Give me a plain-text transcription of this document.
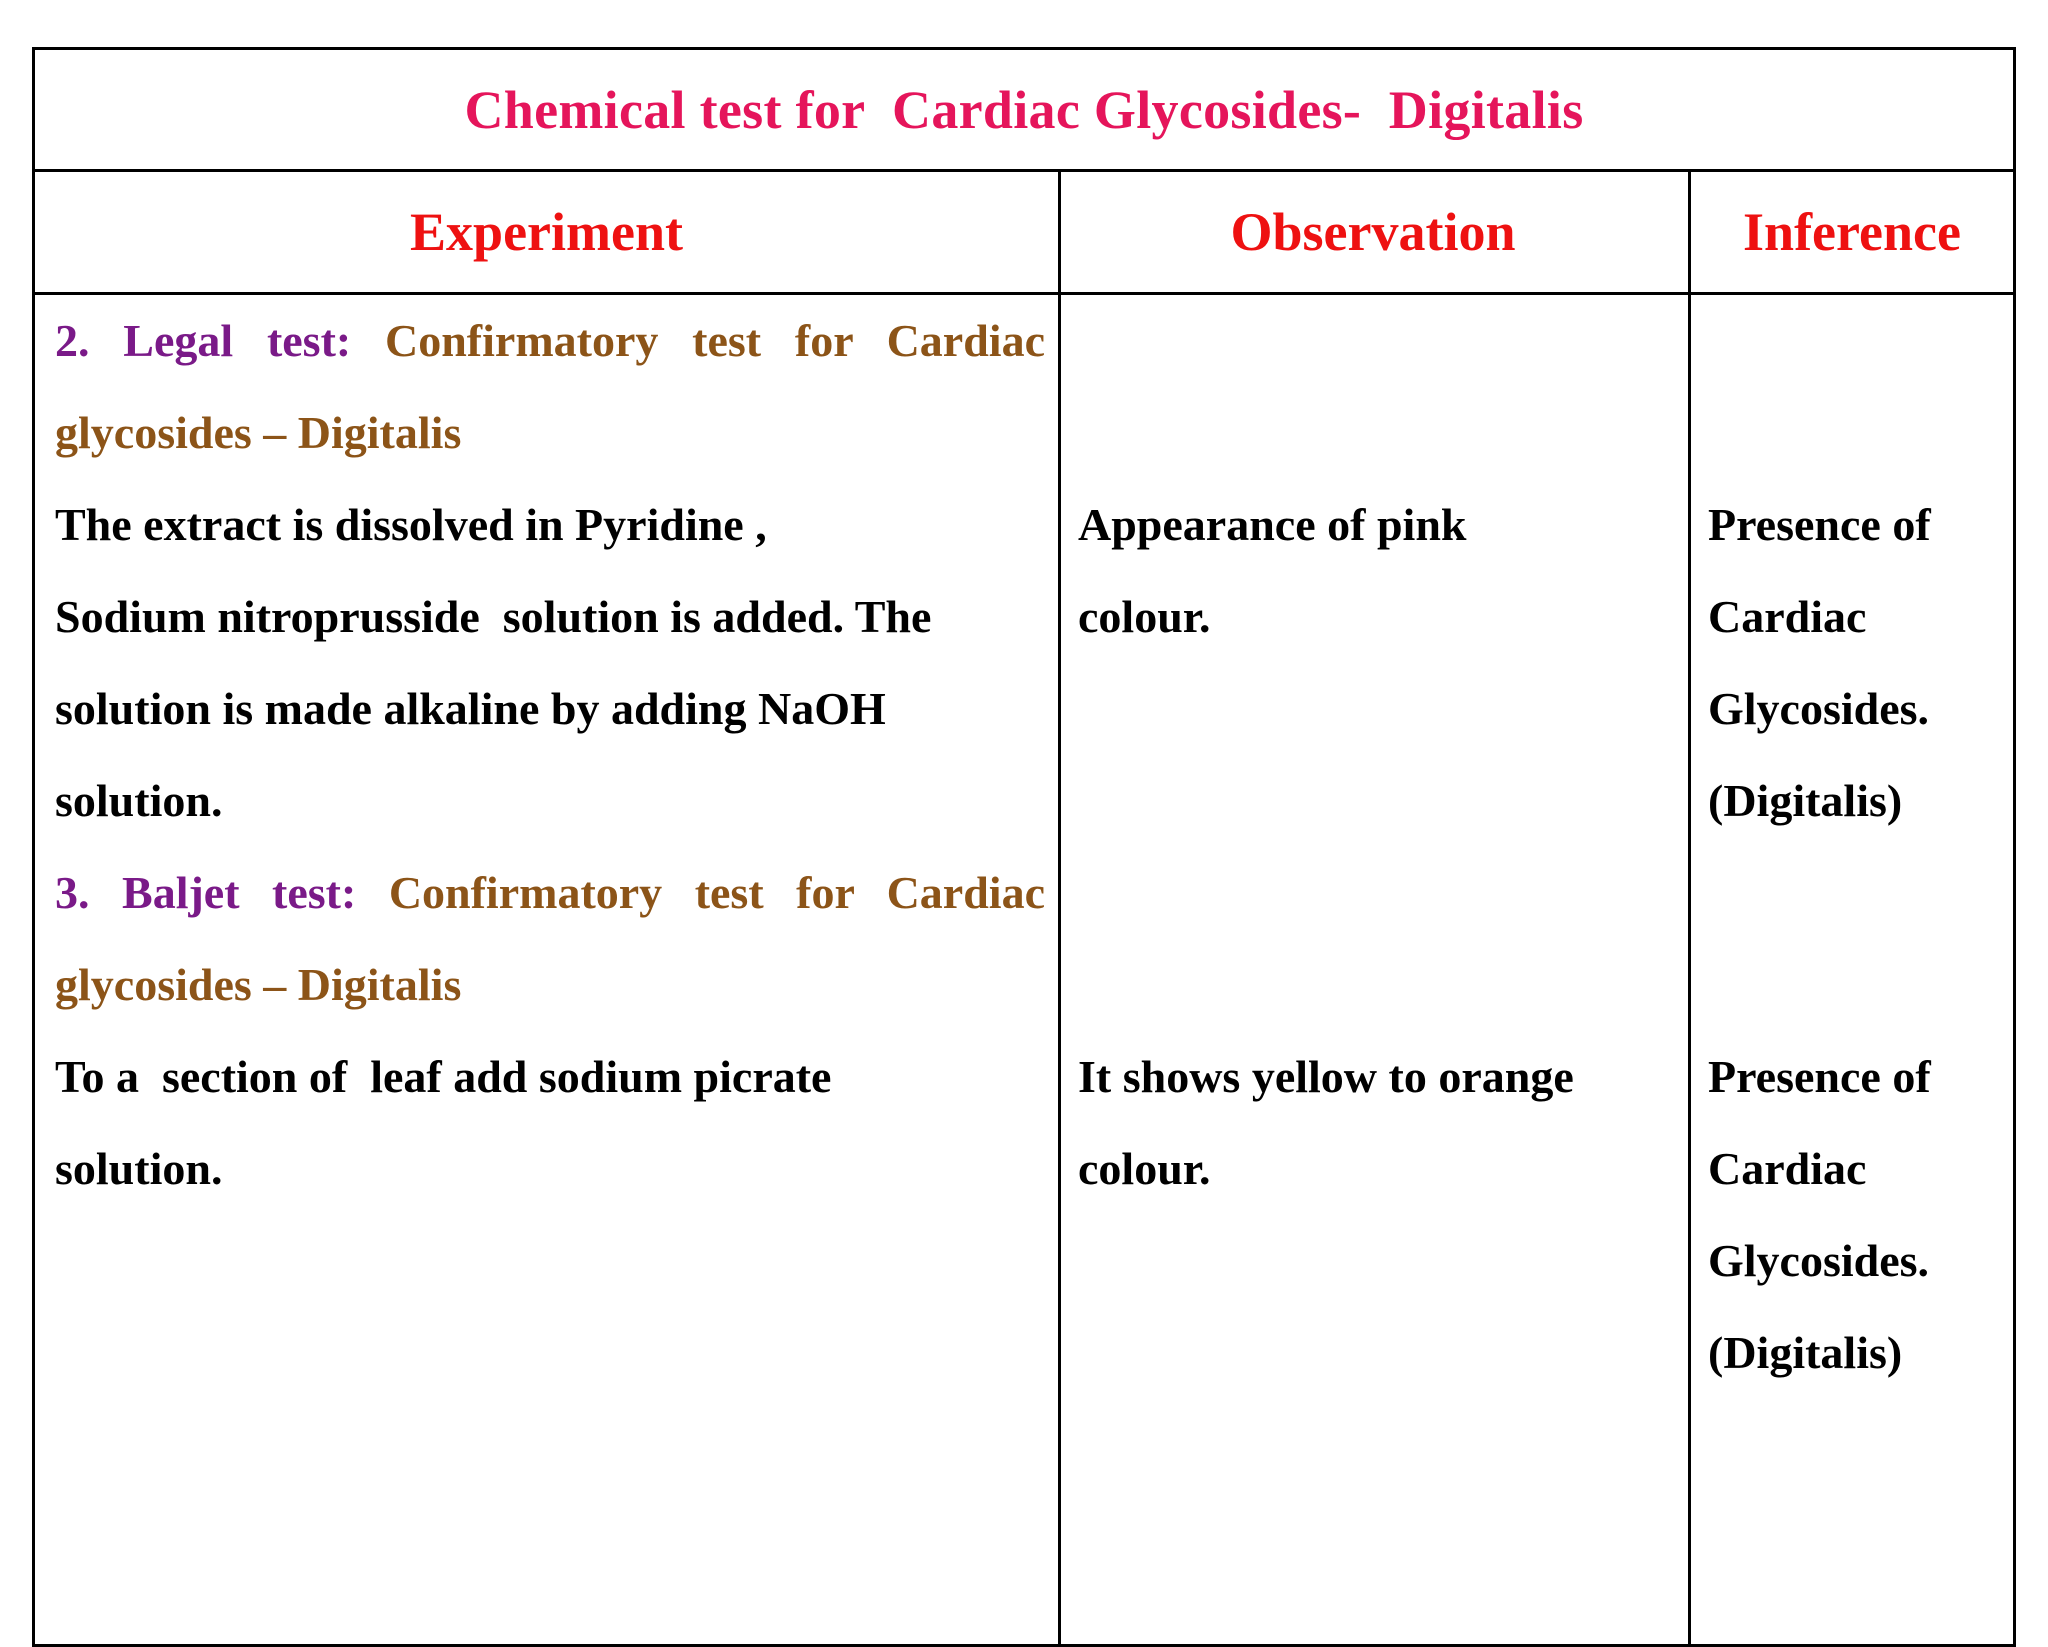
Chemical test for  Cardiac Glycosides-  Digitalis
Experiment	Observation	Inference
2. Legal test: Confirmatory test for Cardiac
glycosides – Digitalis
The extract is dissolved in Pyridine ,
Sodium nitroprusside  solution is added. The
solution is made alkaline by adding NaOH
solution.
3. Baljet test: Confirmatory test for Cardiac
glycosides – Digitalis
To a  section of  leaf add sodium picrate
solution.
Appearance of pink
colour.
It shows yellow to orange
colour.
Presence of
Cardiac
Glycosides.
(Digitalis)
Presence of
Cardiac
Glycosides.
(Digitalis)
